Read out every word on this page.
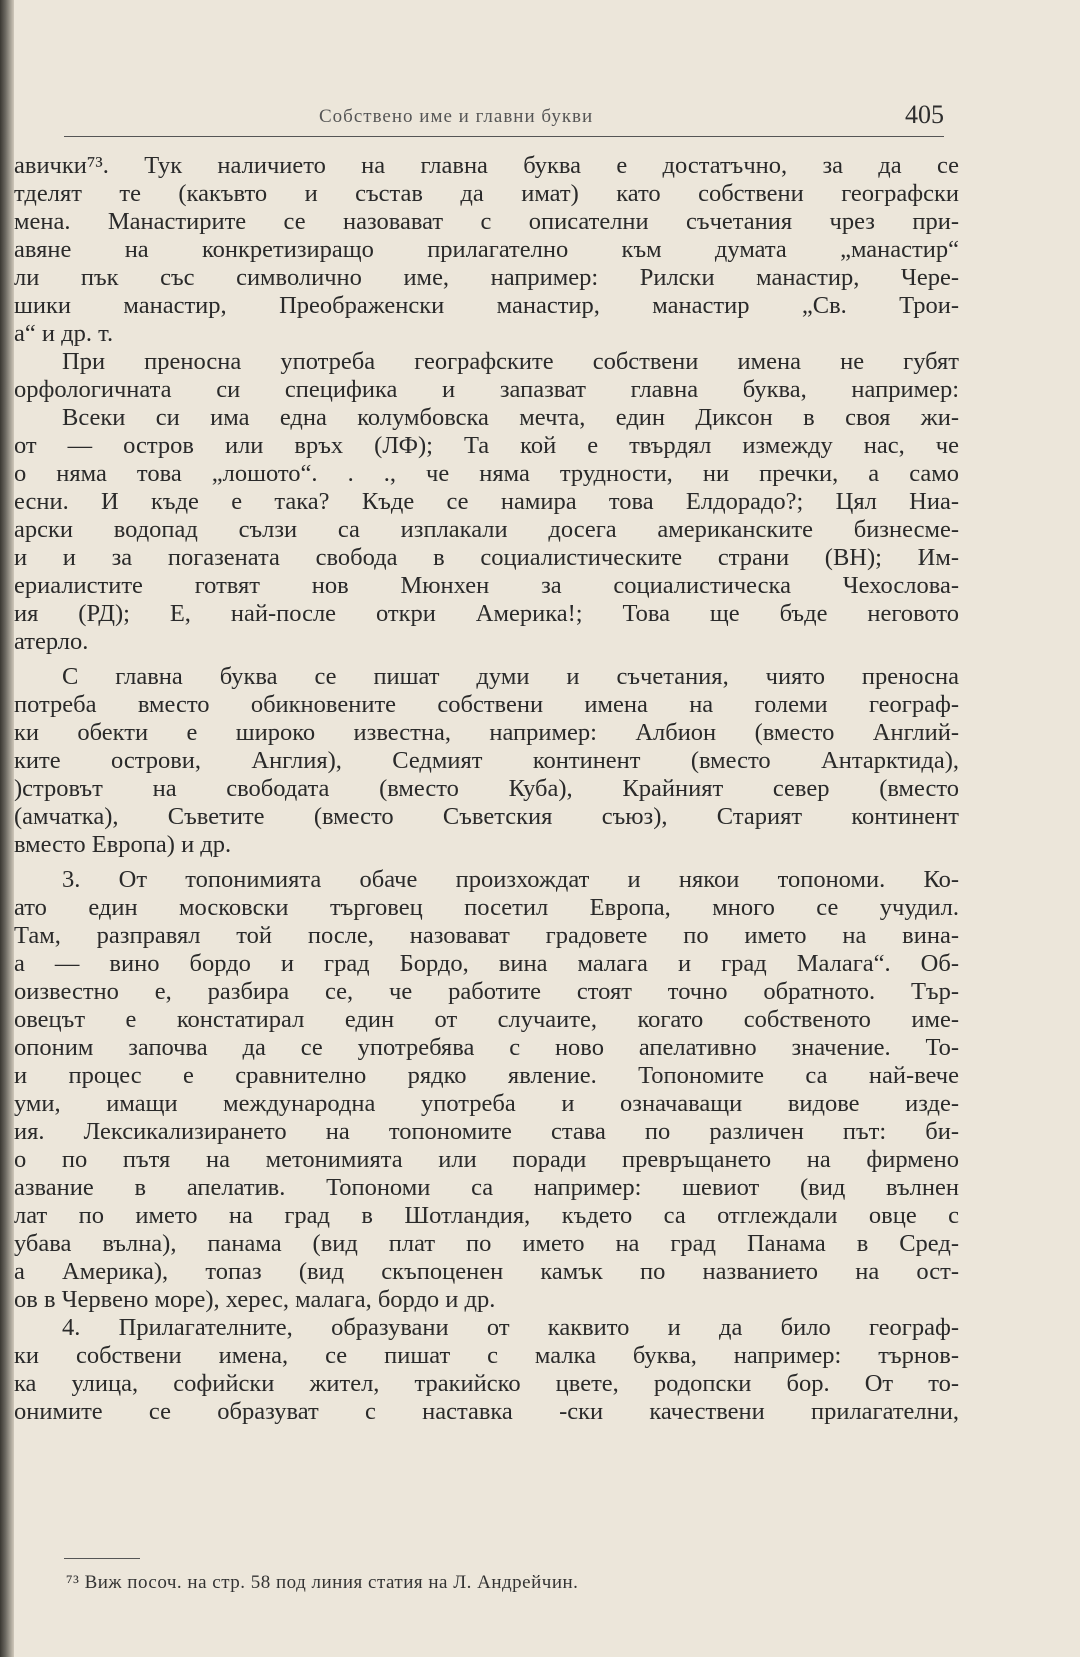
Собствено име и главни букви	405
авички⁷³. Тук наличието на главна буква е достатъчно, за да се
тделят те (какъвто и състав да имат) като собствени географски
мена. Манастирите се назовават с описателни съчетания чрез при-
авяне на конкретизиращо прилагателно към думата „манастир“
ли пък със символично име, например: Рилски манастир, Чере-
шики манастир, Преображенски манастир, манастир „Св. Трои-
а“ и др. т.
При преносна употреба географските собствени имена не губят
орфологичната си специфика и запазват главна буква, например:
Всеки си има една колумбовска мечта, един Диксон в своя жи-
от — остров или връх (ЛФ); Та кой е твърдял измежду нас, че
о няма това „лошото“. . ., че няма трудности, ни пречки, а само
есни. И къде е така? Къде се намира това Елдорадо?; Цял Ниа-
арски водопад сълзи са изплакали досега американските бизнесме-
и и за погазената свобода в социалистическите страни (ВН); Им-
ериалистите готвят нов Мюнхен за социалистическа Чехослова-
ия (РД); Е, най-после откри Америка!; Това ще бъде неговото
атерло.
С главна буква се пишат думи и съчетания, чиято преносна
потреба вместо обикновените собствени имена на големи географ-
ки обекти е широко известна, например: Албион (вместо Англий-
ките острови, Англия), Седмият континент (вместо Антарктида),
)стровът на свободата (вместо Куба), Крайният север (вместо
(амчатка), Съветите (вместо Съветския съюз), Старият континент
вместо Европа) и др.
3. От топонимията обаче произхождат и някои топономи. Ко-
ато един московски търговец посетил Европа, много се учудил.
Там, разправял той после, назовават градовете по името на вина-
а — вино бордо и град Бордо, вина малага и град Малага“. Об-
оизвестно е, разбира се, че работите стоят точно обратното. Тър-
овецът е констатирал един от случаите, когато собственото име-
опоним започва да се употребява с ново апелативно значение. То-
и процес е сравнително рядко явление. Топономите са най-вече
уми, имащи международна употреба и означаващи видове изде-
ия. Лексикализирането на топономите става по различен път: би-
о по пътя на метонимията или поради превръщането на фирмено
азвание в апелатив. Топономи са например: шевиот (вид вълнен
лат по името на град в Шотландия, където са отглеждали овце с
убава вълна), панама (вид плат по името на град Панама в Сред-
а Америка), топаз (вид скъпоценен камък по названието на ост-
ов в Червено море), херес, малага, бордо и др.
4. Прилагателните, образувани от каквито и да било географ-
ки собствени имена, се пишат с малка буква, например: търнов-
ка улица, софийски жител, тракийско цвете, родопски бор. От то-
онимите се образуват с наставка -ски качествени прилагателни,
⁷³ Виж посоч. на стр. 58 под линия статия на Л. Андрейчин.
